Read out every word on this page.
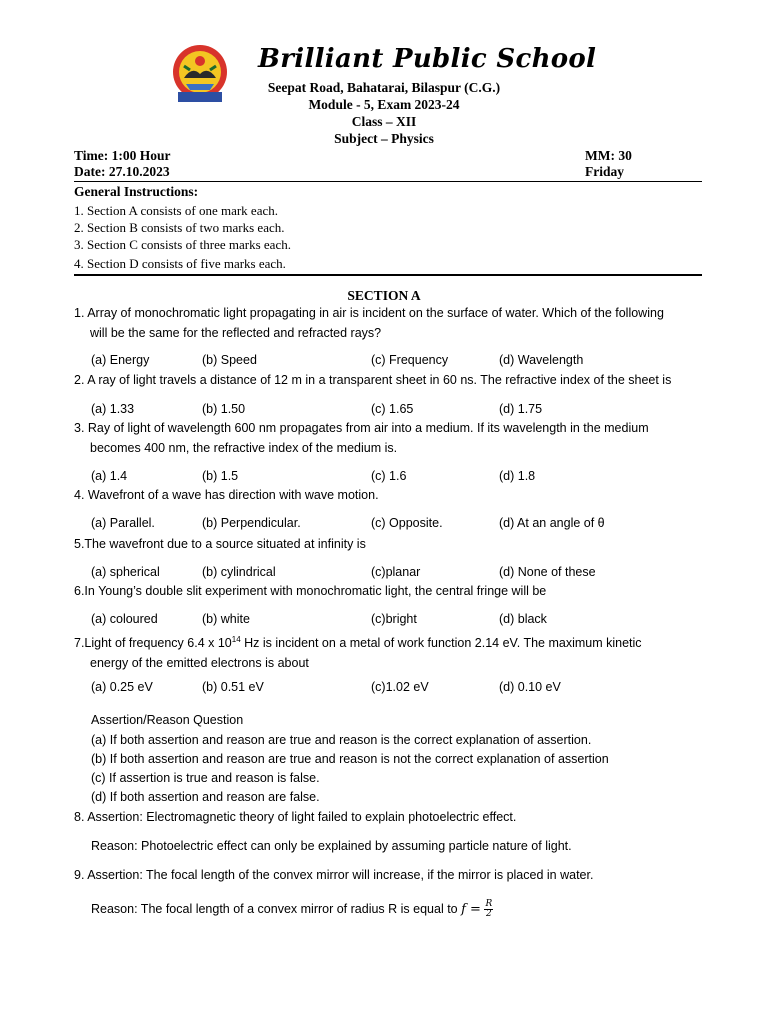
Brilliant Public School
Seepat Road, Bahatarai, Bilaspur (C.G.)
Module - 5, Exam 2023-24
Class – XII
Subject – Physics
Time: 1:00 Hour	MM: 30
Date: 27.10.2023	Friday
General Instructions:
1. Section A consists of one mark each.
2. Section B consists of two marks each.
3. Section C consists of three marks each.
4. Section D consists of five marks each.
SECTION A
1. Array of monochromatic light propagating in air is incident on the surface of water. Which of the following
will be the same for the reflected and refracted rays?
(a) Energy	(b) Speed	(c) Frequency	(d) Wavelength
2. A ray of light travels a distance of 12 m in a transparent sheet in 60 ns. The refractive index of the sheet is
(a) 1.33	(b) 1.50	(c) 1.65	(d) 1.75
3. Ray of light of wavelength 600 nm propagates from air into a medium. If its wavelength in the medium
becomes 400 nm, the refractive index of the medium is.
(a) 1.4	(b) 1.5	(c) 1.6	(d) 1.8
4. Wavefront of a wave has direction with wave motion.
(a) Parallel.	(b) Perpendicular.	(c) Opposite.	(d) At an angle of θ
5.The wavefront due to a source situated at infinity is
(a) spherical	(b) cylindrical	(c)planar	(d) None of these
6.In Young’s double slit experiment with monochromatic light, the central fringe will be
(a) coloured	(b) white	(c)bright	(d) black
7.Light of frequency 6.4 x $10^{14}$ Hz is incident on a metal of work function 2.14 eV. The maximum kinetic
energy of the emitted electrons is about
(a) 0.25 eV	(b) 0.51 eV	(c)1.02 eV	(d) 0.10 eV
Assertion/Reason Question
(a) If both assertion and reason are true and reason is the correct explanation of assertion.
(b) If both assertion and reason are true and reason is not the correct explanation of assertion
(c) If assertion is true and reason is false.
(d) If both assertion and reason are false.
8. Assertion: Electromagnetic theory of light failed to explain photoelectric effect.
Reason: Photoelectric effect can only be explained by assuming particle nature of light.
9. Assertion: The focal length of the convex mirror will increase, if the mirror is placed in water.
Reason: The focal length of a convex mirror of radius R is equal to $f = \frac{R}{2}$
